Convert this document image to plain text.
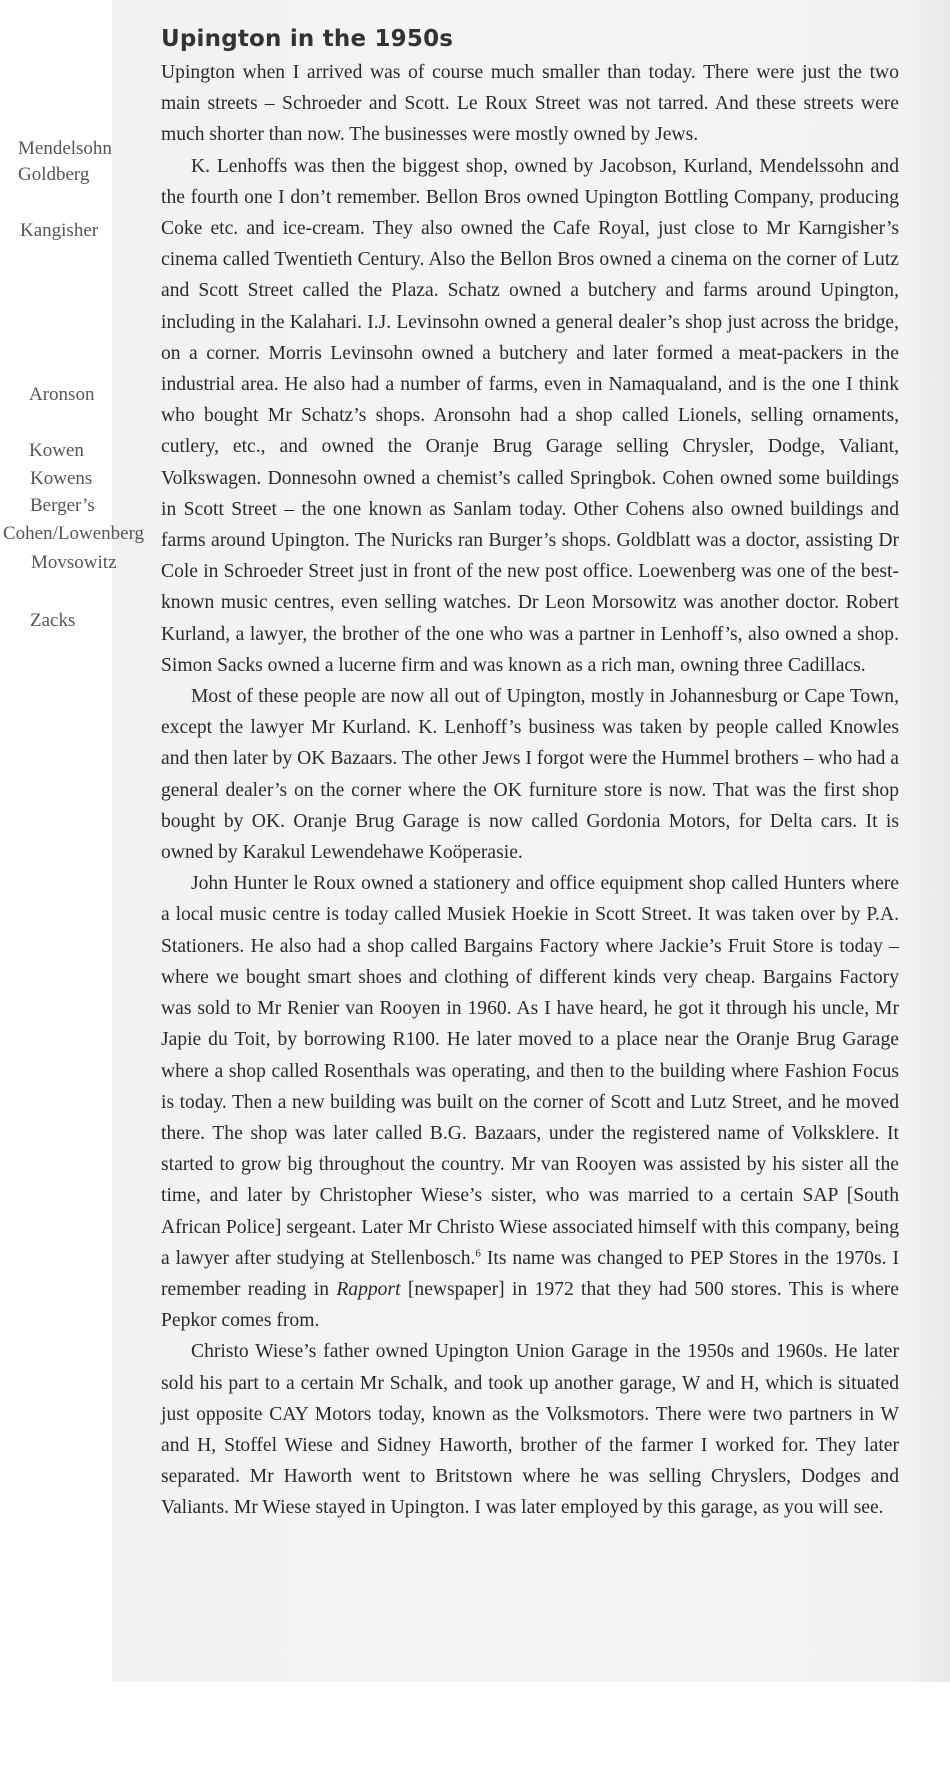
Mendelsohn
Goldberg
Kangisher
Aronson
Kowen
Kowens
Berger’s
Cohen/Lowenberg
Movsowitz
Zacks
Upington in the 1950s

Upington when I arrived was of course much smaller than today. There were just the two main streets – Schroeder and Scott. Le Roux Street was not tarred. And these streets were much shorter than now. The businesses were mostly owned by Jews.

K. Lenhoffs was then the biggest shop, owned by Jacobson, Kurland, Mendelssohn and the fourth one I don’t remember. Bellon Bros owned Upington Bottling Company, producing Coke etc. and ice-cream. They also owned the Cafe Royal, just close to Mr Karngisher’s cinema called Twentieth Century. Also the Bellon Bros owned a cinema on the corner of Lutz and Scott Street called the Plaza. Schatz owned a butchery and farms around Upington, including in the Kalahari. I.J. Levinsohn owned a general dealer’s shop just across the bridge, on a corner. Morris Levinsohn owned a butchery and later formed a meat-packers in the industrial area. He also had a number of farms, even in Namaqualand, and is the one I think who bought Mr Schatz’s shops. Aronsohn had a shop called Lionels, selling ornaments, cutlery, etc., and owned the Oranje Brug Garage selling Chrysler, Dodge, Valiant, Volkswagen. Donnesohn owned a chemist’s called Springbok. Cohen owned some buildings in Scott Street – the one known as Sanlam today. Other Cohens also owned buildings and farms around Upington. The Nuricks ran Burger’s shops. Goldblatt was a doctor, assisting Dr Cole in Schroeder Street just in front of the new post office. Loewenberg was one of the best-known music centres, even selling watches. Dr Leon Morsowitz was another doctor. Robert Kurland, a lawyer, the brother of the one who was a partner in Lenhoff’s, also owned a shop. Simon Sacks owned a lucerne firm and was known as a rich man, owning three Cadillacs.

Most of these people are now all out of Upington, mostly in Johannesburg or Cape Town, except the lawyer Mr Kurland. K. Lenhoff’s business was taken by people called Knowles and then later by OK Bazaars. The other Jews I forgot were the Hummel brothers – who had a general dealer’s on the corner where the OK furniture store is now. That was the first shop bought by OK. Oranje Brug Garage is now called Gordonia Motors, for Delta cars. It is owned by Karakul Lewendehawe Koöperasie.

John Hunter le Roux owned a stationery and office equipment shop called Hunters where a local music centre is today called Musiek Hoekie in Scott Street. It was taken over by P.A. Stationers. He also had a shop called Bargains Factory where Jackie’s Fruit Store is today – where we bought smart shoes and clothing of different kinds very cheap. Bargains Factory was sold to Mr Renier van Rooyen in 1960. As I have heard, he got it through his uncle, Mr Japie du Toit, by borrowing R100. He later moved to a place near the Oranje Brug Garage where a shop called Rosenthals was operating, and then to the building where Fashion Focus is today. Then a new building was built on the corner of Scott and Lutz Street, and he moved there. The shop was later called B.G. Bazaars, under the registered name of Volksklere. It started to grow big throughout the country. Mr van Rooyen was assisted by his sister all the time, and later by Christopher Wiese’s sister, who was married to a certain SAP [South African Police] sergeant. Later Mr Christo Wiese associated himself with this company, being a lawyer after studying at Stellenbosch.$^6$ Its name was changed to PEP Stores in the 1970s. I remember reading in Rapport [newspaper] in 1972 that they had 500 stores. This is where Pepkor comes from.

Christo Wiese’s father owned Upington Union Garage in the 1950s and 1960s. He later sold his part to a certain Mr Schalk, and took up another garage, W and H, which is situated just opposite CAY Motors today, known as the Volksmotors. There were two partners in W and H, Stoffel Wiese and Sidney Haworth, brother of the farmer I worked for. They later separated. Mr Haworth went to Britstown where he was selling Chryslers, Dodges and Valiants. Mr Wiese stayed in Upington. I was later employed by this garage, as you will see.
